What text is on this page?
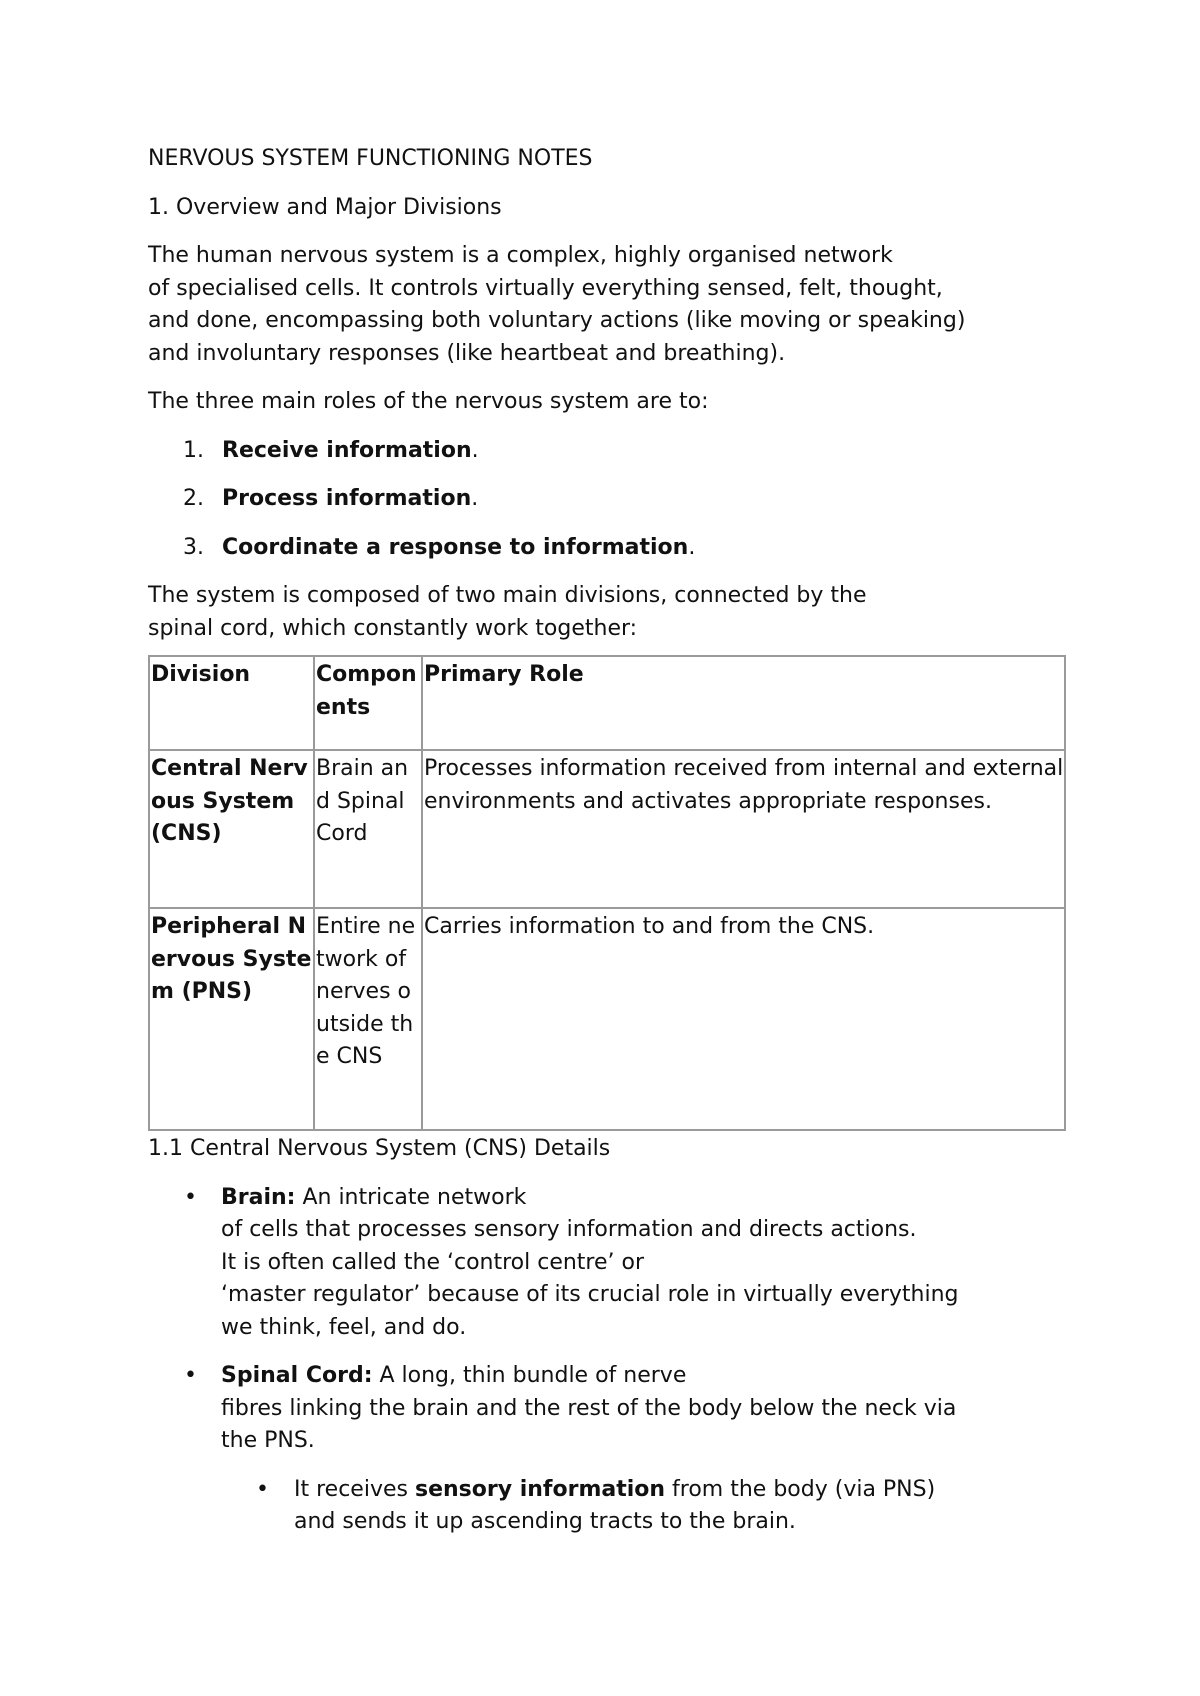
NERVOUS SYSTEM FUNCTIONING NOTES

1. Overview and Major Divisions

The human nervous system is a complex, highly organised network
of specialised cells. It controls virtually everything sensed, felt, thought,
and done, encompassing both voluntary actions (like moving or speaking)
and involuntary responses (like heartbeat and breathing).

The three main roles of the nervous system are to:

1. Receive information.
2. Process information.
3. Coordinate a response to information.

The system is composed of two main divisions, connected by the
spinal cord, which constantly work together:

Division	Components	Primary Role
Central Nervous System (CNS)	Brain and Spinal Cord	Processes information received from internal and external environments and activates appropriate responses.
Peripheral Nervous System (PNS)	Entire network of nerves outside the CNS	Carries information to and from the CNS.

1.1 Central Nervous System (CNS) Details

• Brain: An intricate network
of cells that processes sensory information and directs actions.
It is often called the ‘control centre’ or
‘master regulator’ because of its crucial role in virtually everything
we think, feel, and do.
• Spinal Cord: A long, thin bundle of nerve
fibres linking the brain and the rest of the body below the neck via
the PNS.
• It receives sensory information from the body (via PNS)
and sends it up ascending tracts to the brain.
